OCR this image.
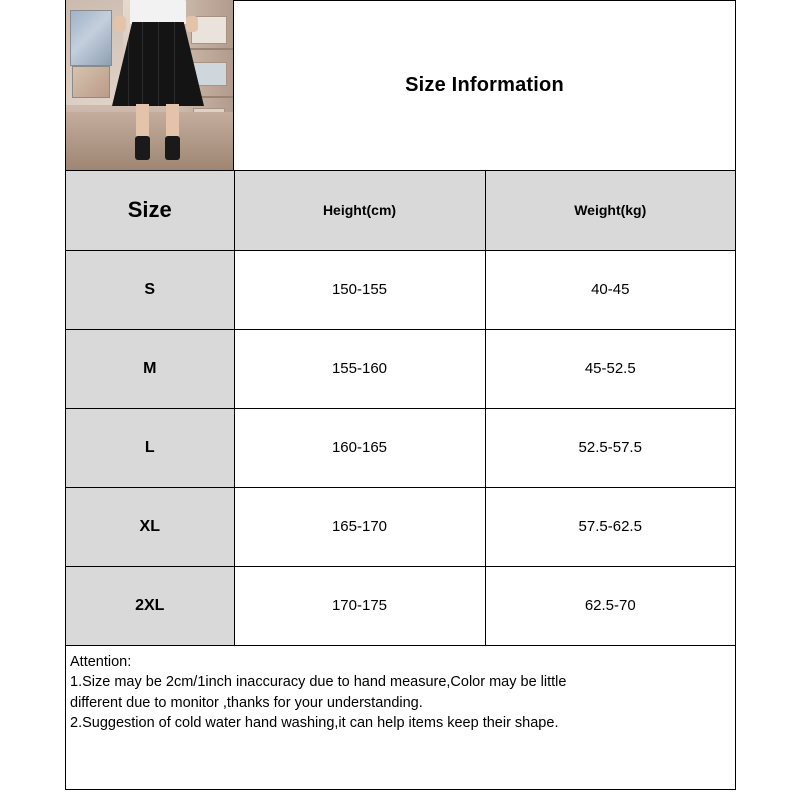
Size Information
Size	Height(cm)	Weight(kg)
S	150-155	40-45
M	155-160	45-52.5
L	160-165	52.5-57.5
XL	165-170	57.5-62.5
2XL	170-175	62.5-70

Attention:

1.Size may be 2cm/1inch inaccuracy due to hand measure,Color may be little

different due to monitor ,thanks for your understanding.

2.Suggestion of cold water hand washing,it can help items keep their shape.
